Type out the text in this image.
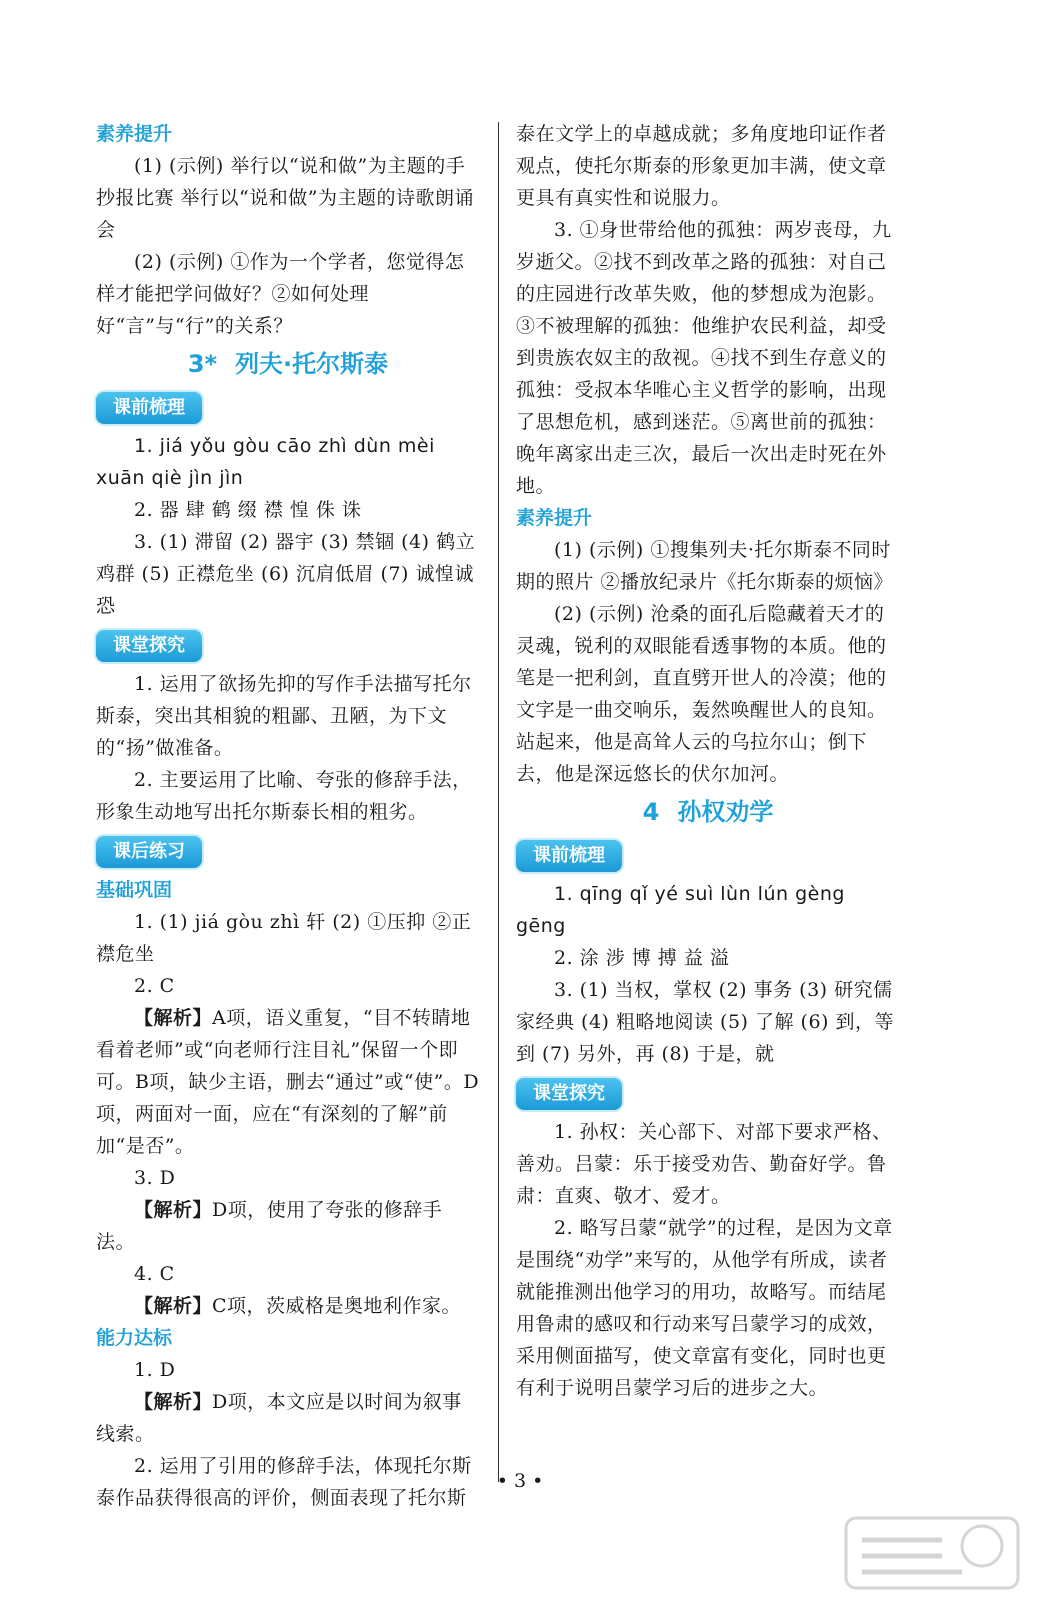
素养提升

(1) (示例) 举行以“说和做”为主题的手抄报比赛 举行以“说和做”为主题的诗歌朗诵会

(2) (示例) ①作为一个学者，您觉得怎样才能把学问做好？②如何处理好“言”与“行”的关系？

3* 列夫·托尔斯泰
课前梳理

1. jiá yǒu gòu cāo zhì dùn mèi xuān qiè jìn jìn

2. 器 肆 鹤 缀 襟 惶 侏 诛

3. (1) 滞留 (2) 器宇 (3) 禁锢 (4) 鹤立鸡群 (5) 正襟危坐 (6) 沉肩低眉 (7) 诚惶诚恐

课堂探究

1. 运用了欲扬先抑的写作手法描写托尔斯泰，突出其相貌的粗鄙、丑陋，为下文的“扬”做准备。

2. 主要运用了比喻、夸张的修辞手法，形象生动地写出托尔斯泰长相的粗劣。

课后练习
基础巩固

1. (1) jiá gòu zhì 轩 (2) ①压抑 ②正襟危坐

2. C

【解析】A项，语义重复，“目不转睛地看着老师”或“向老师行注目礼”保留一个即可。B项，缺少主语，删去“通过”或“使”。D项，两面对一面，应在“有深刻的了解”前加“是否”。

3. D

【解析】D项，使用了夸张的修辞手法。

4. C

【解析】C项，茨威格是奥地利作家。

能力达标

1. D

【解析】D项，本文应是以时间为叙事线索。

2. 运用了引用的修辞手法，体现托尔斯泰作品获得很高的评价，侧面表现了托尔斯

泰在文学上的卓越成就；多角度地印证作者观点，使托尔斯泰的形象更加丰满，使文章更具有真实性和说服力。

3. ①身世带给他的孤独：两岁丧母，九岁逝父。②找不到改革之路的孤独：对自己的庄园进行改革失败，他的梦想成为泡影。③不被理解的孤独：他维护农民利益，却受到贵族农奴主的敌视。④找不到生存意义的孤独：受叔本华唯心主义哲学的影响，出现了思想危机，感到迷茫。⑤离世前的孤独：晚年离家出走三次，最后一次出走时死在外地。

素养提升

(1) (示例) ①搜集列夫·托尔斯泰不同时期的照片 ②播放纪录片《托尔斯泰的烦恼》

(2) (示例) 沧桑的面孔后隐藏着天才的灵魂，锐利的双眼能看透事物的本质。他的笔是一把利剑，直直劈开世人的冷漠；他的文字是一曲交响乐，轰然唤醒世人的良知。站起来，他是高耸人云的乌拉尔山；倒下去，他是深远悠长的伏尔加河。

4 孙权劝学
课前梳理

1. qīng qǐ yé suì lùn lún gèng gēng

2. 涂 涉 博 搏 益 溢

3. (1) 当权，掌权 (2) 事务 (3) 研究儒家经典 (4) 粗略地阅读 (5) 了解 (6) 到，等到 (7) 另外，再 (8) 于是，就

课堂探究

1. 孙权：关心部下、对部下要求严格、善劝。吕蒙：乐于接受劝告、勤奋好学。鲁肃：直爽、敬才、爱才。

2. 略写吕蒙“就学”的过程，是因为文章是围绕“劝学”来写的，从他学有所成，读者就能推测出他学习的用功，故略写。而结尾用鲁肃的感叹和行动来写吕蒙学习的成效，采用侧面描写，使文章富有变化，同时也更有利于说明吕蒙学习后的进步之大。

• 3 •
